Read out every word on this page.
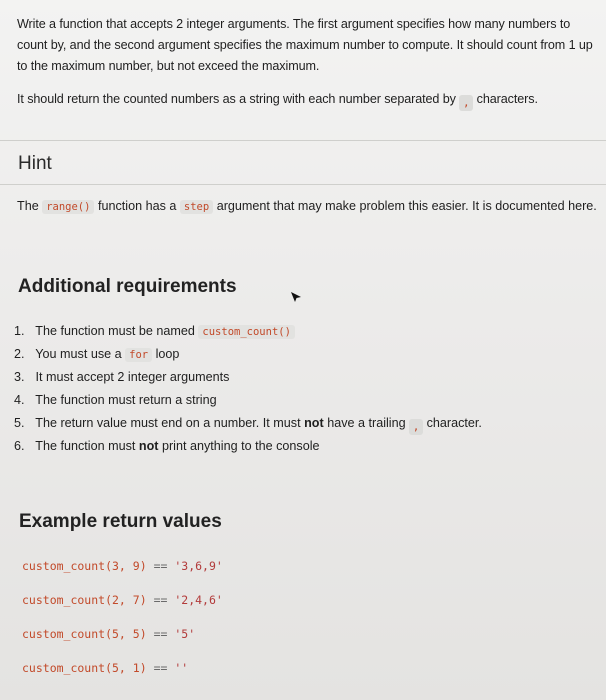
Write a function that accepts 2 integer arguments. The first argument specifies how many numbers to count by, and the second argument specifies the maximum number to compute. It should count from 1 up to the maximum number, but not exceed the maximum.

It should return the counted numbers as a string with each number separated by , characters.

Hint

The range() function has a step argument that may make problem this easier. It is documented here.

Additional requirements
1. The function must be named custom_count()
2. You must use a for loop
3. It must accept 2 integer arguments
4. The function must return a string
5. The return value must end on a number. It must not have a trailing , character.
6. The function must not print anything to the console
Example return values
custom_count(3, 9) == '3,6,9'
custom_count(2, 7) == '2,4,6'
custom_count(5, 5) == '5'
custom_count(5, 1) == ''
